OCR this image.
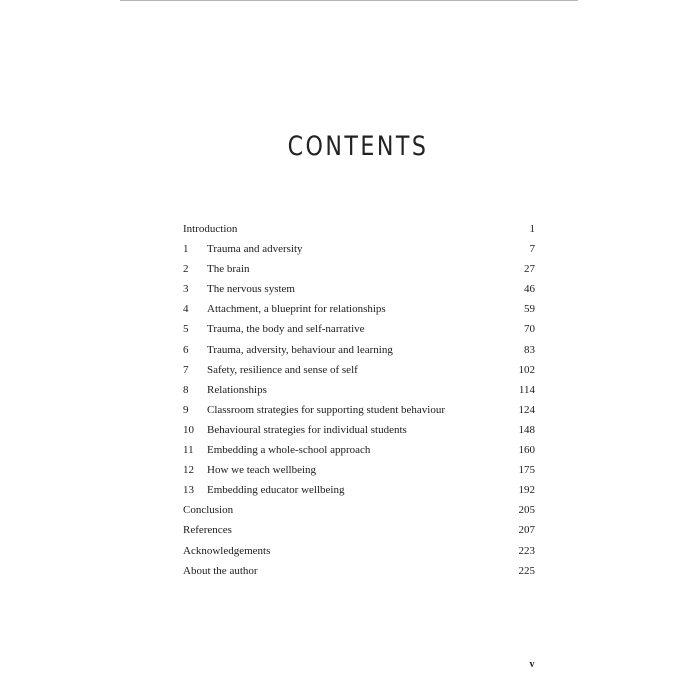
CONTENTS
Introduction	1
1 Trauma and adversity	7
2 The brain	27
3 The nervous system	46
4 Attachment, a blueprint for relationships	59
5 Trauma, the body and self-narrative	70
6 Trauma, adversity, behaviour and learning	83
7 Safety, resilience and sense of self	102
8 Relationships	114
9 Classroom strategies for supporting student behaviour	124
10 Behavioural strategies for individual students	148
11 Embedding a whole-school approach	160
12 How we teach wellbeing	175
13 Embedding educator wellbeing	192
Conclusion	205
References	207
Acknowledgements	223
About the author	225
v
